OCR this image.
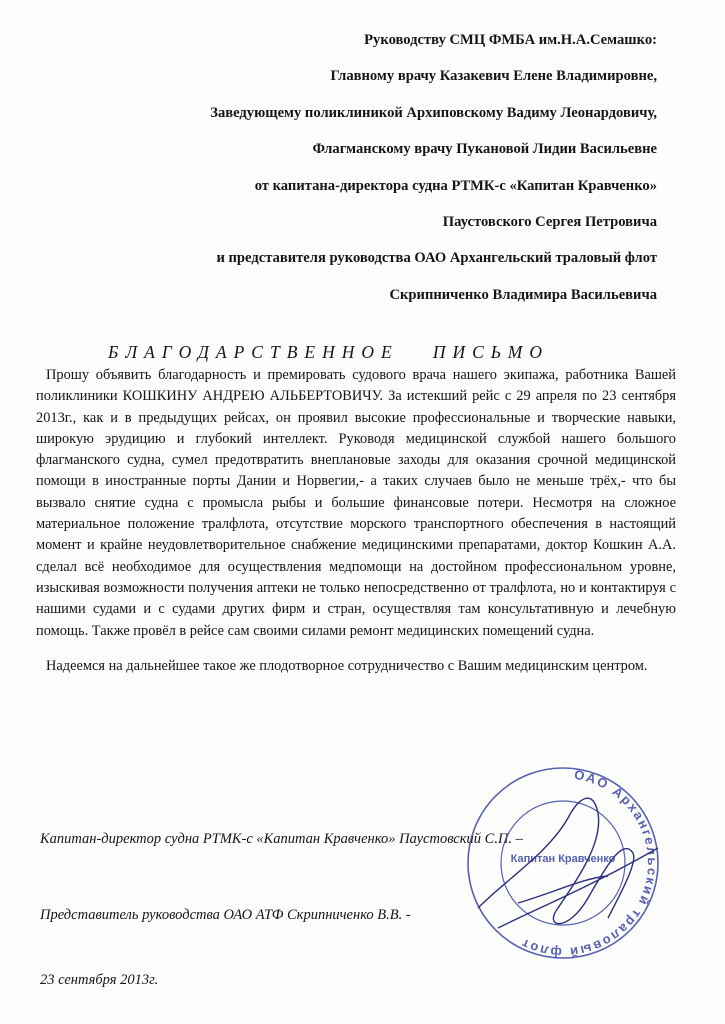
Руководству СМЦ ФМБА им.Н.А.Семашко:
Главному врачу Казакевич Елене Владимировне,
Заведующему поликлиникой Архиповскому Вадиму Леонардовичу,
Флагманскому врачу Пукановой Лидии Васильевне
от капитана-директора судна РТМК-с «Капитан Кравченко»
Паустовского Сергея Петровича
и представителя руководства ОАО Архангельский траловый флот
Скрипниченко Владимира Васильевича
БЛАГОДАРСТВЕННОЕ   ПИСЬМО

Прошу объявить благодарность и премировать судового врача нашего экипажа, работника Вашей поликлиники КОШКИНУ АНДРЕЮ АЛЬБЕРТОВИЧУ. За истекший рейс с 29 апреля по 23 сентября 2013г., как и в предыдущих рейсах, он проявил высокие профессиональные и творческие навыки, широкую эрудицию и глубокий интеллект. Руководя медицинской службой нашего большого флагманского судна, сумел предотвратить внеплановые заходы для оказания срочной медицинской помощи в иностранные порты Дании и Норвегии,- а таких случаев было не меньше трёх,- что бы вызвало снятие судна с промысла рыбы и большие финансовые потери. Несмотря на сложное материальное положение тралфлота, отсутствие морского транспортного обеспечения в настоящий момент и крайне неудовлетворительное снабжение медицинскими препаратами, доктор Кошкин А.А. сделал всё необходимое для осуществления медпомощи на достойном профессиональном уровне, изыскивая возможности получения аптеки не только непосредственно от тралфлота, но и контактируя с нашими судами и с судами других фирм и стран, осуществляя там консультативную и лечебную помощь. Также провёл в рейсе сам своими силами ремонт медицинских помещений судна.

Надеемся на дальнейшее такое же плодотворное сотрудничество с Вашим медицинским центром.

Капитан-директор судна РТМК-с «Капитан Кравченко» Паустовский С.П. –
Представитель руководства ОАО АТФ Скрипниченко В.В. -
23 сентября 2013г.
ОАО Архангельский траловый флот
Капитан Кравченко
